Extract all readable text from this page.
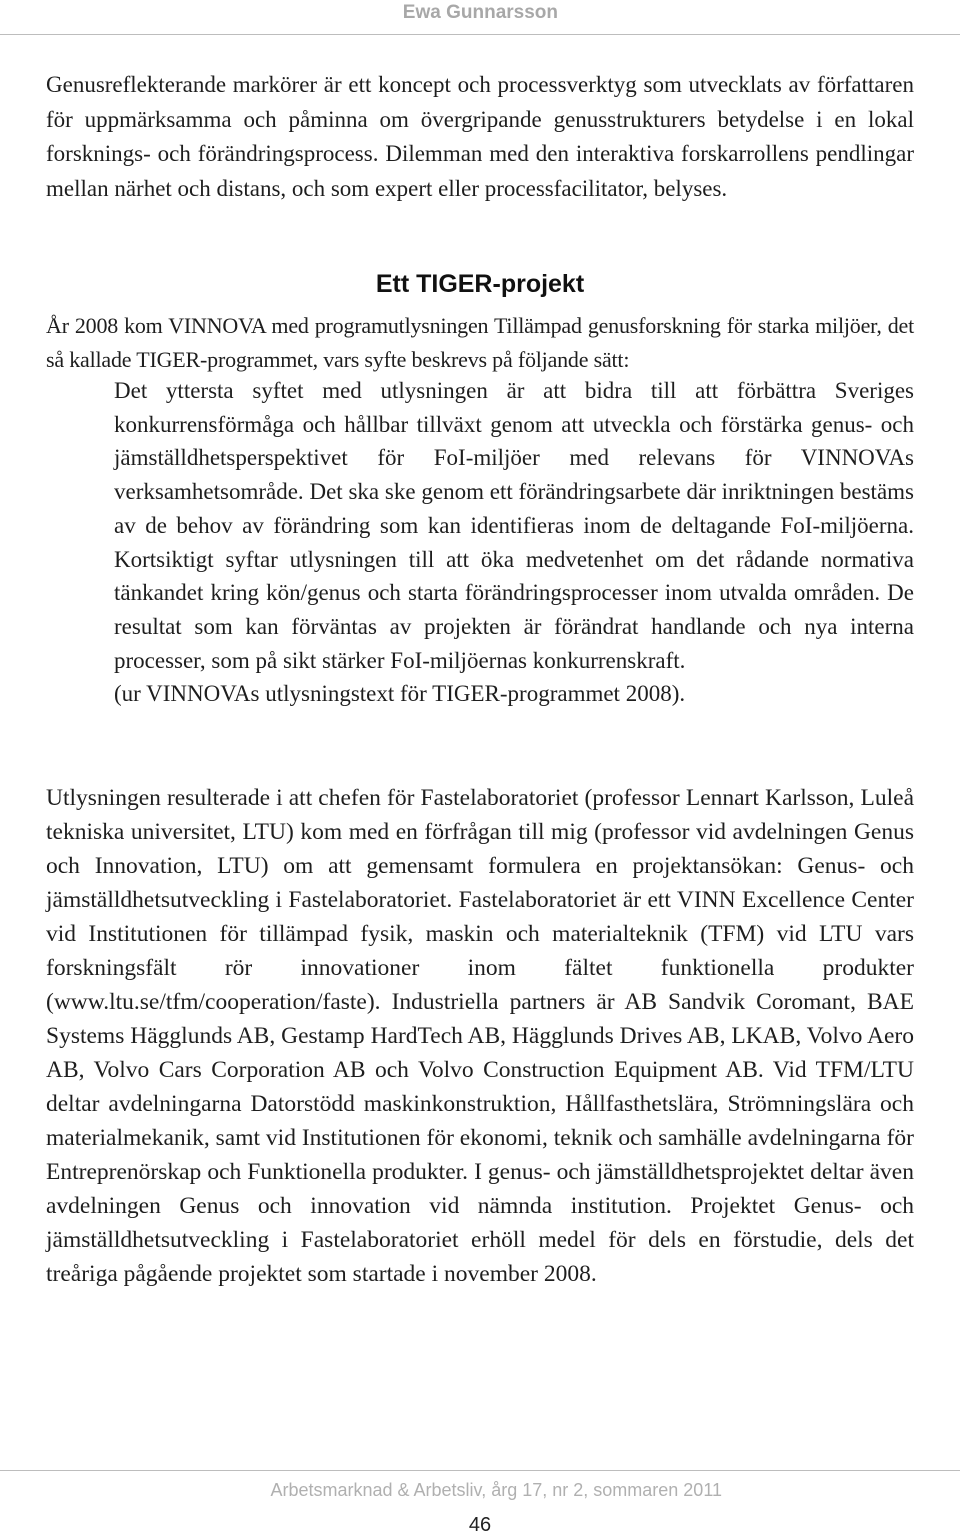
Ewa Gunnarsson

Genusreflekterande markörer är ett koncept och processverktyg som utvecklats av författaren för uppmärksamma och påminna om övergripande genusstrukturers betydelse i en lokal forsknings- och förändringsprocess. Dilemman med den interaktiva forskarrollens pendlingar mellan närhet och distans, och som expert eller processfacilitator, belyses.

Ett TIGER-projekt

År 2008 kom VINNOVA med programutlysningen Tillämpad genusforskning för starka miljöer, det så kallade TIGER-programmet, vars syfte beskrevs på följande sätt:

Det yttersta syftet med utlysningen är att bidra till att förbättra Sveriges konkurrensförmåga och hållbar tillväxt genom att utveckla och förstärka genus- och jämställdhetsperspektivet för FoI-miljöer med relevans för VINNOVAs verksamhetsområde. Det ska ske genom ett förändringsarbete där inriktningen bestäms av de behov av förändring som kan identifieras inom de deltagande FoI-miljöerna. Kortsiktigt syftar utlysningen till att öka medvetenhet om det rådande normativa tänkandet kring kön/genus och starta förändringsprocesser inom utvalda områden. De resultat som kan förväntas av projekten är förändrat handlande och nya interna processer, som på sikt stärker FoI-miljöernas konkurrenskraft.
(ur VINNOVAs utlysningstext för TIGER-programmet 2008).

Utlysningen resulterade i att chefen för Fastelaboratoriet (professor Lennart Karlsson, Luleå tekniska universitet, LTU) kom med en förfrågan till mig (professor vid avdelningen Genus och Innovation, LTU) om att gemensamt formulera en projektansökan: Genus- och jämställdhetsutveckling i Fastelaboratoriet. Fastelaboratoriet är ett VINN Excellence Center vid Institutionen för tillämpad fysik, maskin och materialteknik (TFM) vid LTU vars forskningsfält rör innovationer inom fältet funktionella produkter (www.ltu.se/tfm/cooperation/faste). Industriella partners är AB Sandvik Coromant, BAE Systems Hägglunds AB, Gestamp HardTech AB, Hägglunds Drives AB, LKAB, Volvo Aero AB, Volvo Cars Corporation AB och Volvo Construction Equipment AB. Vid TFM/LTU deltar avdelningarna Datorstödd maskinkonstruktion, Hållfasthetslära, Strömningslära och materialmekanik, samt vid Institutionen för ekonomi, teknik och samhälle avdelningarna för Entreprenörskap och Funktionella produkter. I genus- och jämställdhetsprojektet deltar även avdelningen Genus och innovation vid nämnda institution. Projektet Genus- och jämställdhetsutveckling i Fastelaboratoriet erhöll medel för dels en förstudie, dels det treåriga pågående projektet som startade i november 2008.

Arbetsmarknad & Arbetsliv, årg 17, nr 2, sommaren 2011
46
